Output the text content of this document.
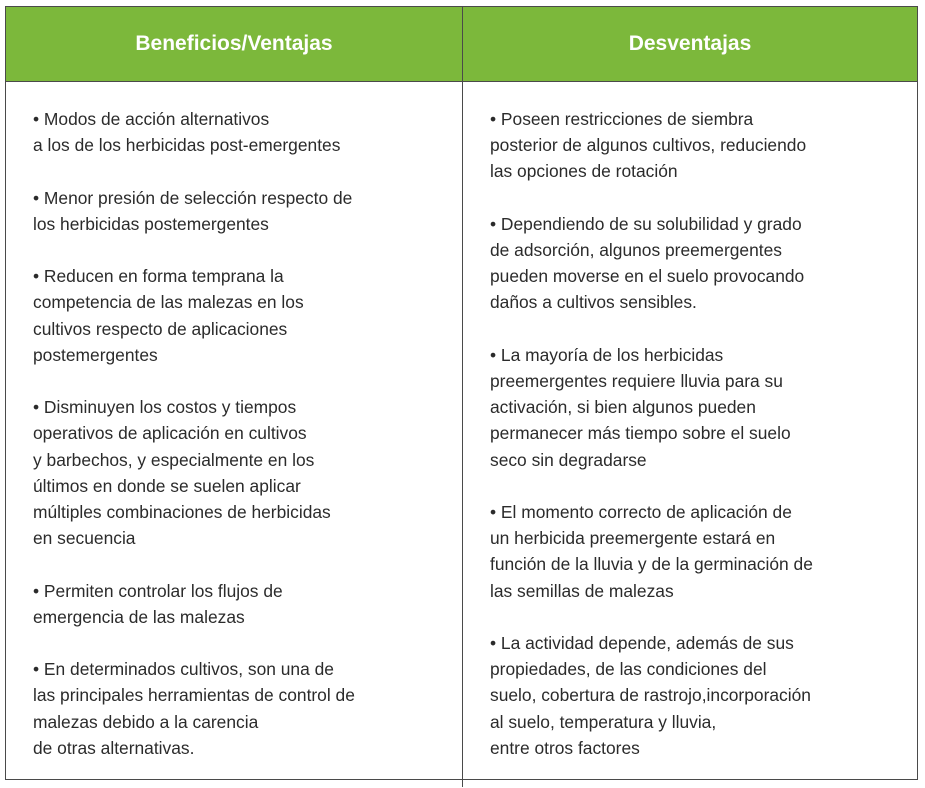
Beneficios/Ventajas	Desventajas
• Modos de acción alternativos
a los de los herbicidas post-emergentes
• Menor presión de selección respecto de
los herbicidas postemergentes
• Reducen en forma temprana la
competencia de las malezas en los
cultivos respecto de aplicaciones
postemergentes
• Disminuyen los costos y tiempos
operativos de aplicación en cultivos
y barbechos, y especialmente en los
últimos en donde se suelen aplicar
múltiples combinaciones de herbicidas
en secuencia
• Permiten controlar los flujos de
emergencia de las malezas
• En determinados cultivos, son una de
las principales herramientas de control de
malezas debido a la carencia
de otras alternativas.
• Poseen restricciones de siembra
posterior de algunos cultivos, reduciendo
las opciones de rotación
• Dependiendo de su solubilidad y grado
de adsorción, algunos preemergentes
pueden moverse en el suelo provocando
daños a cultivos sensibles.
• La mayoría de los herbicidas
preemergentes requiere lluvia para su
activación, si bien algunos pueden
permanecer más tiempo sobre el suelo
seco sin degradarse
• El momento correcto de aplicación de
un herbicida preemergente estará en
función de la lluvia y de la germinación de
las semillas de malezas
• La actividad depende, además de sus
propiedades, de las condiciones del
suelo, cobertura de rastrojo,incorporación
al suelo, temperatura y lluvia,
entre otros factores
